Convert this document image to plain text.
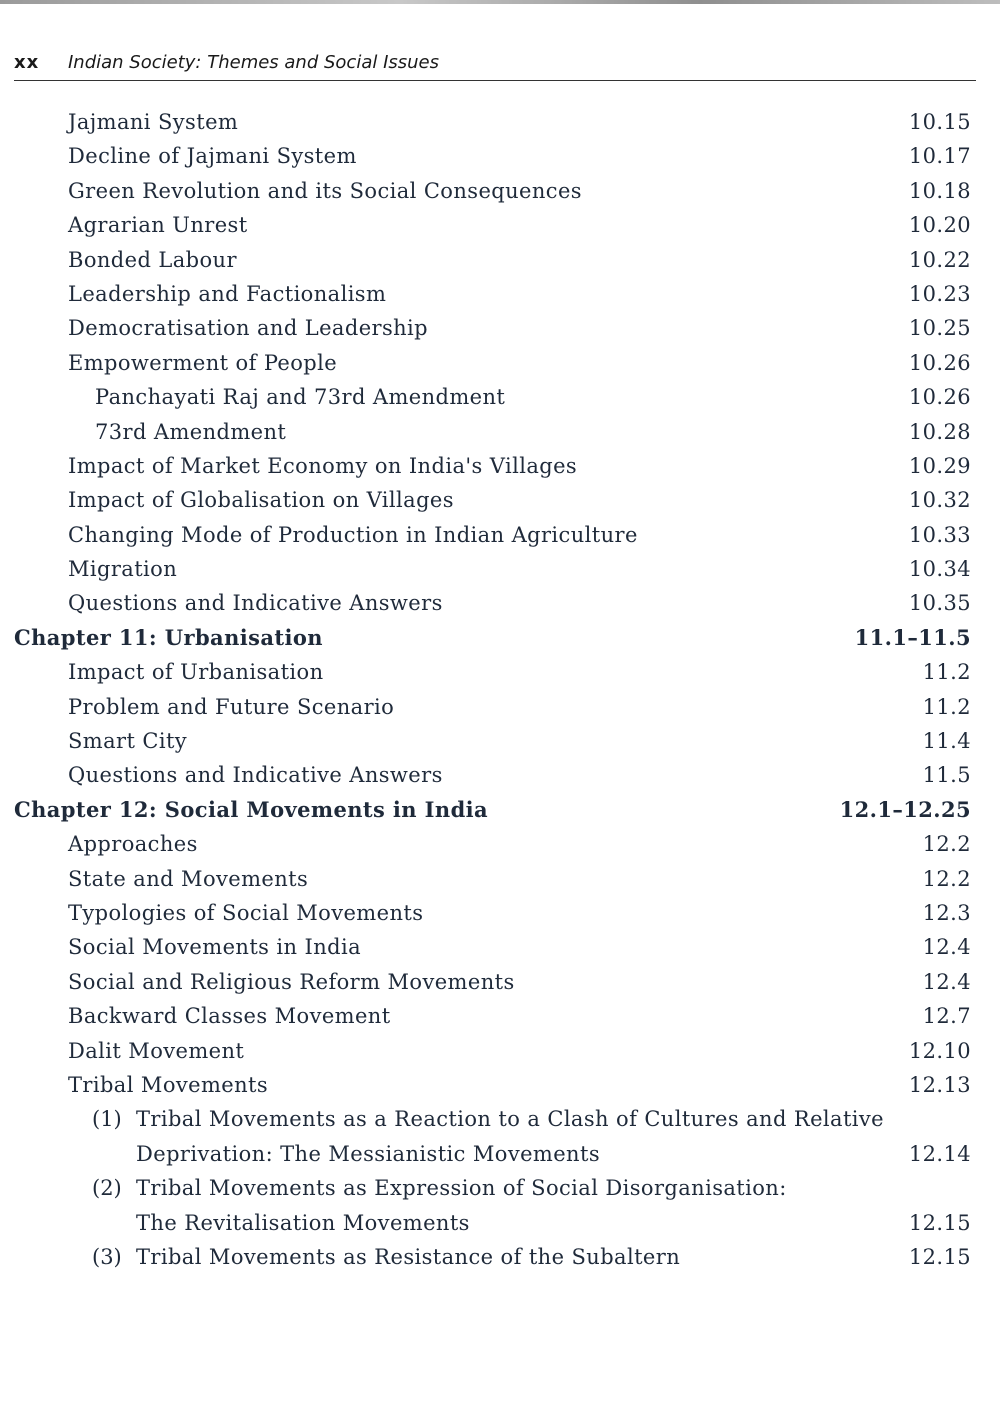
xx Indian Society: Themes and Social Issues
Jajmani System	10.15
Decline of Jajmani System	10.17
Green Revolution and its Social Consequences	10.18
Agrarian Unrest	10.20
Bonded Labour	10.22
Leadership and Factionalism	10.23
Democratisation and Leadership	10.25
Empowerment of People	10.26
Panchayati Raj and 73rd Amendment	10.26
73rd Amendment	10.28
Impact of Market Economy on India's Villages	10.29
Impact of Globalisation on Villages	10.32
Changing Mode of Production in Indian Agriculture	10.33
Migration	10.34
Questions and Indicative Answers	10.35
Chapter 11: Urbanisation	11.1–11.5
Impact of Urbanisation	11.2
Problem and Future Scenario	11.2
Smart City	11.4
Questions and Indicative Answers	11.5
Chapter 12: Social Movements in India	12.1–12.25
Approaches	12.2
State and Movements	12.2
Typologies of Social Movements	12.3
Social Movements in India	12.4
Social and Religious Reform Movements	12.4
Backward Classes Movement	12.7
Dalit Movement	12.10
Tribal Movements	12.13
(1) Tribal Movements as a Reaction to a Clash of Cultures and Relative
Deprivation: The Messianistic Movements	12.14
(2) Tribal Movements as Expression of Social Disorganisation:
The Revitalisation Movements	12.15
(3) Tribal Movements as Resistance of the Subaltern	12.15
